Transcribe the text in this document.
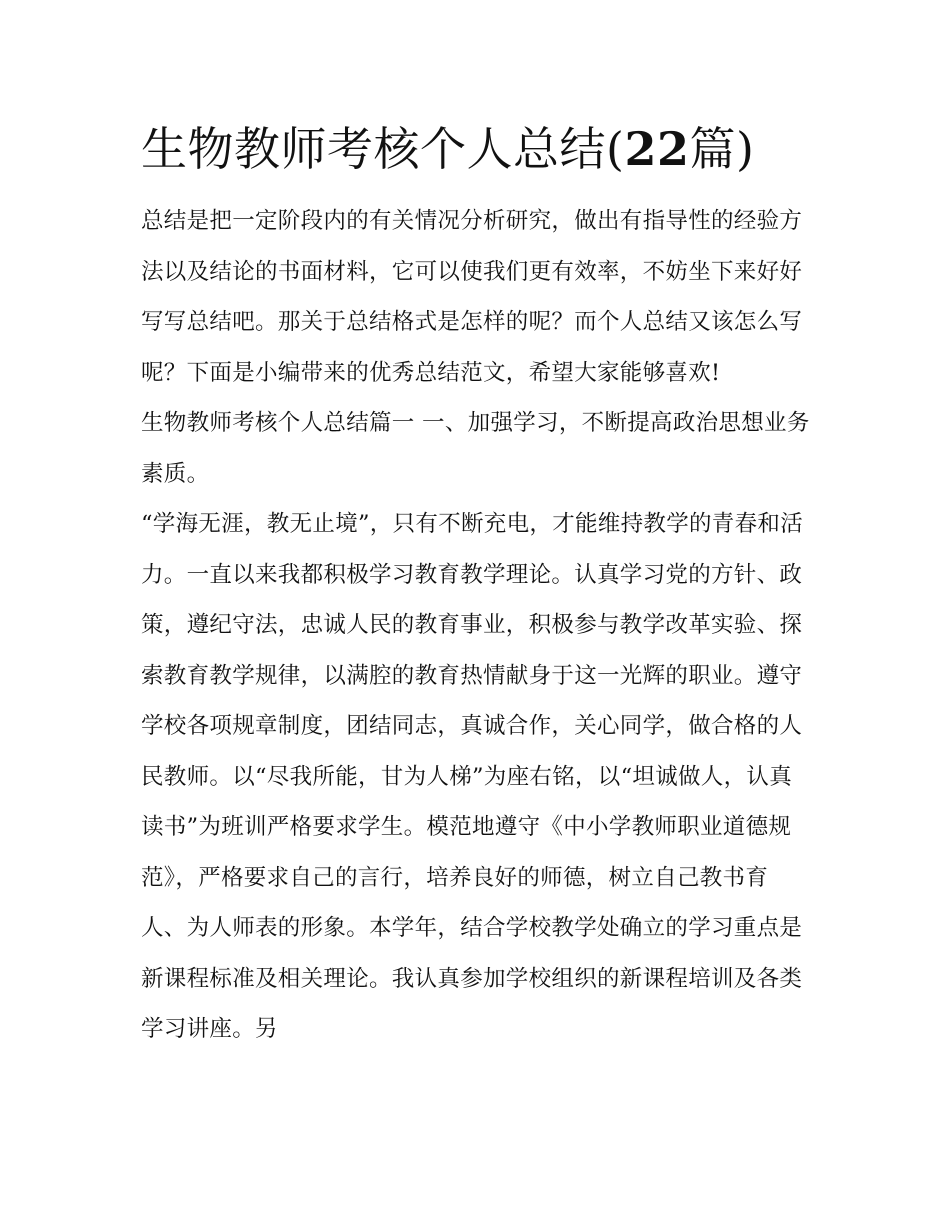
生物教师考核个人总结(22篇)

总结是把一定阶段内的有关情况分析研究，做出有指导性的经验方法以及结论的书面材料，它可以使我们更有效率，不妨坐下来好好写写总结吧。那关于总结格式是怎样的呢？而个人总结又该怎么写呢？下面是小编带来的优秀总结范文，希望大家能够喜欢!

生物教师考核个人总结篇一 一、加强学习，不断提高政治思想业务素质。

“学海无涯，教无止境”，只有不断充电，才能维持教学的青春和活力。一直以来我都积极学习教育教学理论。认真学习党的方针、政策，遵纪守法，忠诚人民的教育事业，积极参与教学改革实验、探索教育教学规律，以满腔的教育热情献身于这一光辉的职业。遵守学校各项规章制度，团结同志，真诚合作，关心同学，做合格的人民教师。以“尽我所能，甘为人梯”为座右铭，以“坦诚做人，认真读书”为班训严格要求学生。模范地遵守《中小学教师职业道德规范》，严格要求自己的言行，培养良好的师德，树立自己教书育人、为人师表的形象。本学年，结合学校教学处确立的学习重点是新课程标准及相关理论。我认真参加学校组织的新课程培训及各类学习讲座。另
